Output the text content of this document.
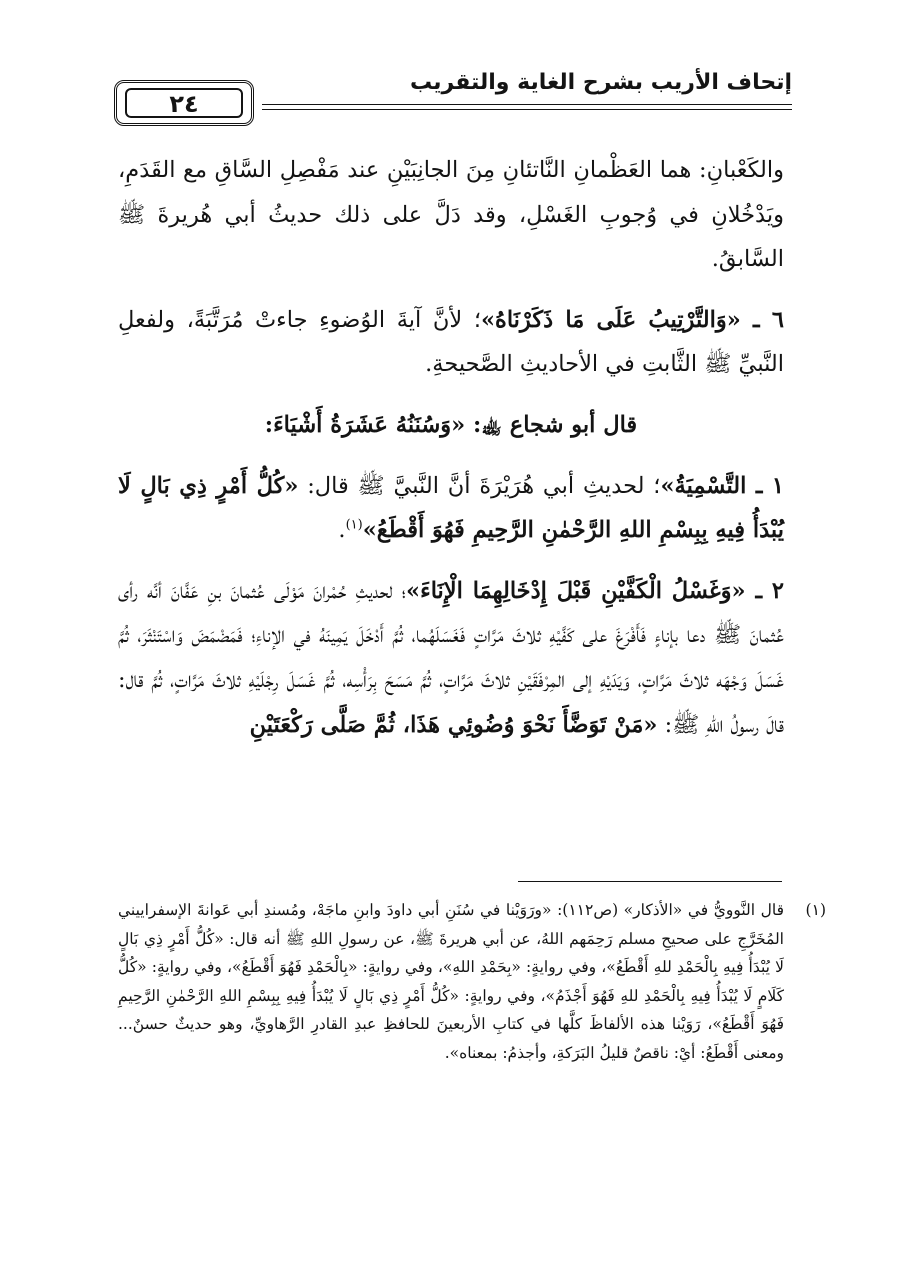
إتحاف الأريب بشرح الغاية والتقريب
٢٤

والكَعْبانِ: هما العَظْمانِ النَّاتئانِ مِنَ الجانِبَيْنِ عند مَفْصِلِ السَّاقِ مع القَدَمِ، ويَدْخُلانِ في وُجوبِ الغَسْلِ، وقد دَلَّ على ذلك حديثُ أبي هُريرةَ ﷺ السَّابقُ.

٦ ـ «وَالتَّرْتِيبُ عَلَى مَا ذَكَرْنَاهُ»؛ لأنَّ آيةَ الوُضوءِ جاءتْ مُرَتَّبَةً، ولفعلِ النَّبيِّ ﷺ الثَّابتِ في الأحاديثِ الصَّحيحةِ.

قال أبو شجاع ﵀: «وَسُنَنُهُ عَشَرَةُ أَشْيَاءَ:

١ ـ التَّسْمِيَةُ»؛ لحديثِ أبي هُرَيْرَةَ أنَّ النَّبيَّ ﷺ قال: «كُلُّ أَمْرٍ ذِي بَالٍ لَا يُبْدَأُ فِيهِ بِبِسْمِ اللهِ الرَّحْمٰنِ الرَّحِيمِ فَهُوَ أَقْطَعُ»$^{(١)}$.

٢ ـ «وَغَسْلُ الْكَفَّيْنِ قَبْلَ إِدْخَالِهِمَا الْإِنَاءَ»؛ لحديثِ حُمْرانَ مَوْلَى عُثمانَ بنِ عَفَّانَ أنَّه رأى عُثمانَ ﷺ دعا بإناءٍ فَأَفْرَغَ على كَفَّيْهِ ثلاثَ مَرَّاتٍ فَغَسَلَهُما، ثُمَّ أَدْخَلَ يَمِينَهُ في الإناءِ؛ فَمَضْمَضَ وَاسْتَنْثَرَ، ثُمَّ غَسَلَ وَجْهَه ثلاثَ مَرَّاتٍ، وَيَدَيْهِ إلى المِرْفَقَيْنِ ثلاثَ مَرَّاتٍ، ثُمَّ مَسَحَ بِرَأْسِه، ثُمَّ غَسَلَ رِجْلَيْهِ ثلاثَ مَرَّاتٍ، ثُمَّ قال: قالَ رسولُ اللهِ ﷺ: «مَنْ تَوَضَّأَ نَحْوَ وُضُوئِي هَذَا، ثُمَّ صَلَّى رَكْعَتَيْنِ

(١)
قال النَّوويُّ في «الأذكار» (ص١١٢): «ورَوَيْنا في سُنَنِ أبي داودَ وابنِ ماجَهْ، ومُسندِ أبي عَوانةَ الإسفراييني المُخَرَّجِ على صحيحِ مسلم رَحِمَهم اللهُ، عن أبي هريرةَ ﷺ، عن رسولِ اللهِ ﷺ أنه قال: «كُلُّ أَمْرٍ ذِي بَالٍ لَا يُبْدَأُ فِيهِ بِالْحَمْدِ للهِ أَقْطَعُ»، وفي روايةٍ: «بِحَمْدِ اللهِ»، وفي روايةٍ: «بِالْحَمْدِ فَهُوَ أَقْطَعُ»، وفي روايةٍ: «كُلُّ كَلَامٍ لَا يُبْدَأُ فِيهِ بِالْحَمْدِ للهِ فَهُوَ أَجْذَمُ»، وفي روايةٍ: «كُلُّ أَمْرٍ ذِي بَالٍ لَا يُبْدَأُ فِيهِ بِبِسْمِ اللهِ الرَّحْمٰنِ الرَّحِيمِ فَهُوَ أَقْطَعُ»، رَوَيْنا هذه الألفاظَ كلَّها في كتابِ الأربعينَ للحافظِ عبدِ القادرِ الرَّهاويِّ، وهو حديثٌ حسنٌ... ومعنى أَقْطَعُ: أيْ: ناقصٌ قليلُ البَرَكةِ، وأجذمُ: بمعناه».
